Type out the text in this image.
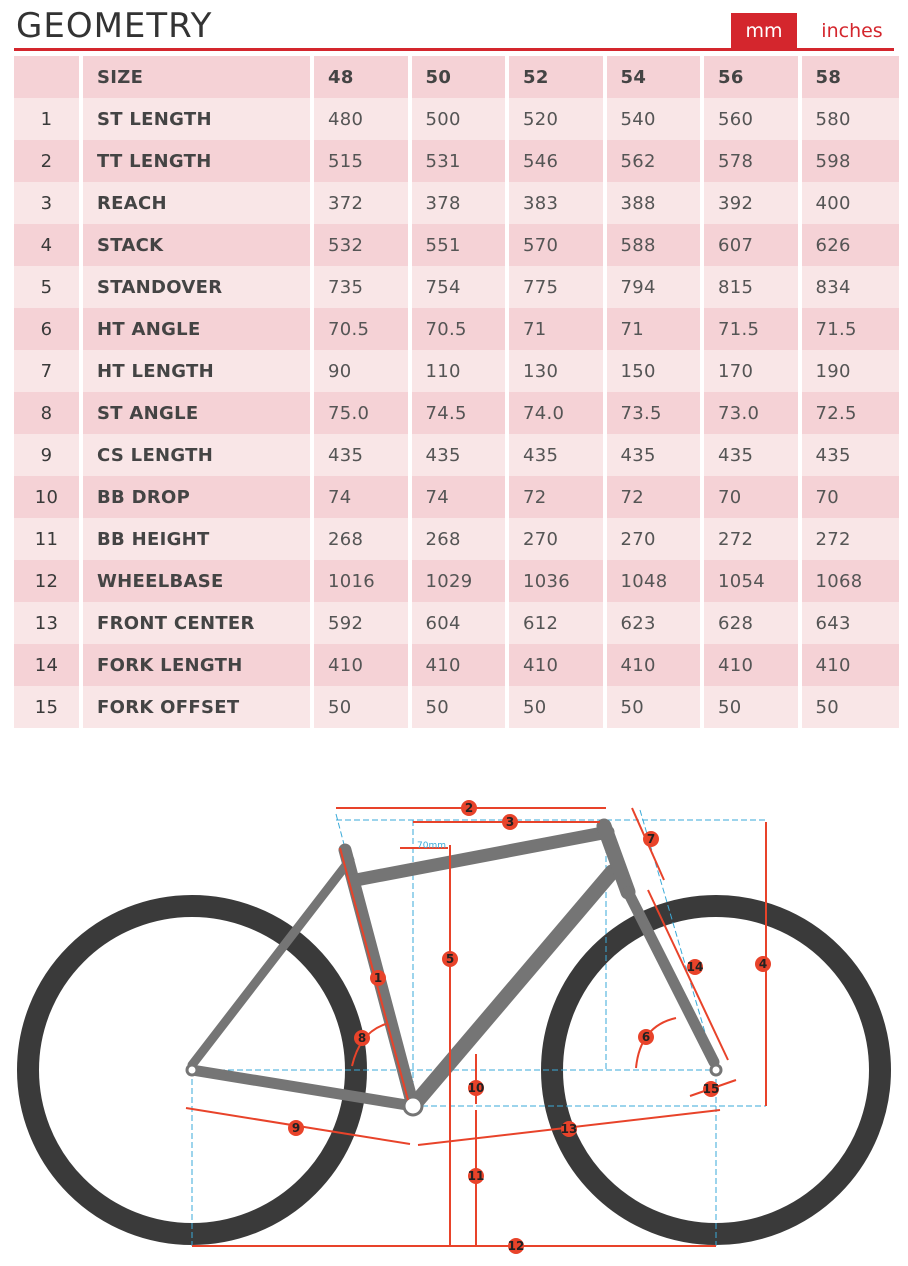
GEOMETRY	mm	inches
	SIZE	48	50	52	54	56	58
1	ST LENGTH	480	500	520	540	560	580
2	TT LENGTH	515	531	546	562	578	598
3	REACH	372	378	383	388	392	400
4	STACK	532	551	570	588	607	626
5	STANDOVER	735	754	775	794	815	834
6	HT ANGLE	70.5	70.5	71	71	71.5	71.5
7	HT LENGTH	90	110	130	150	170	190
8	ST ANGLE	75.0	74.5	74.0	73.5	73.0	72.5
9	CS LENGTH	435	435	435	435	435	435
10	BB DROP	74	74	72	72	70	70
11	BB HEIGHT	268	268	270	270	272	272
12	WHEELBASE	1016	1029	1036	1048	1054	1068
13	FRONT CENTER	592	604	612	623	628	643
14	FORK LENGTH	410	410	410	410	410	410
15	FORK OFFSET	50	50	50	50	50	50
70mm
1
2
3
4
5
6
7
8
9
10
11
12
13
14
15
